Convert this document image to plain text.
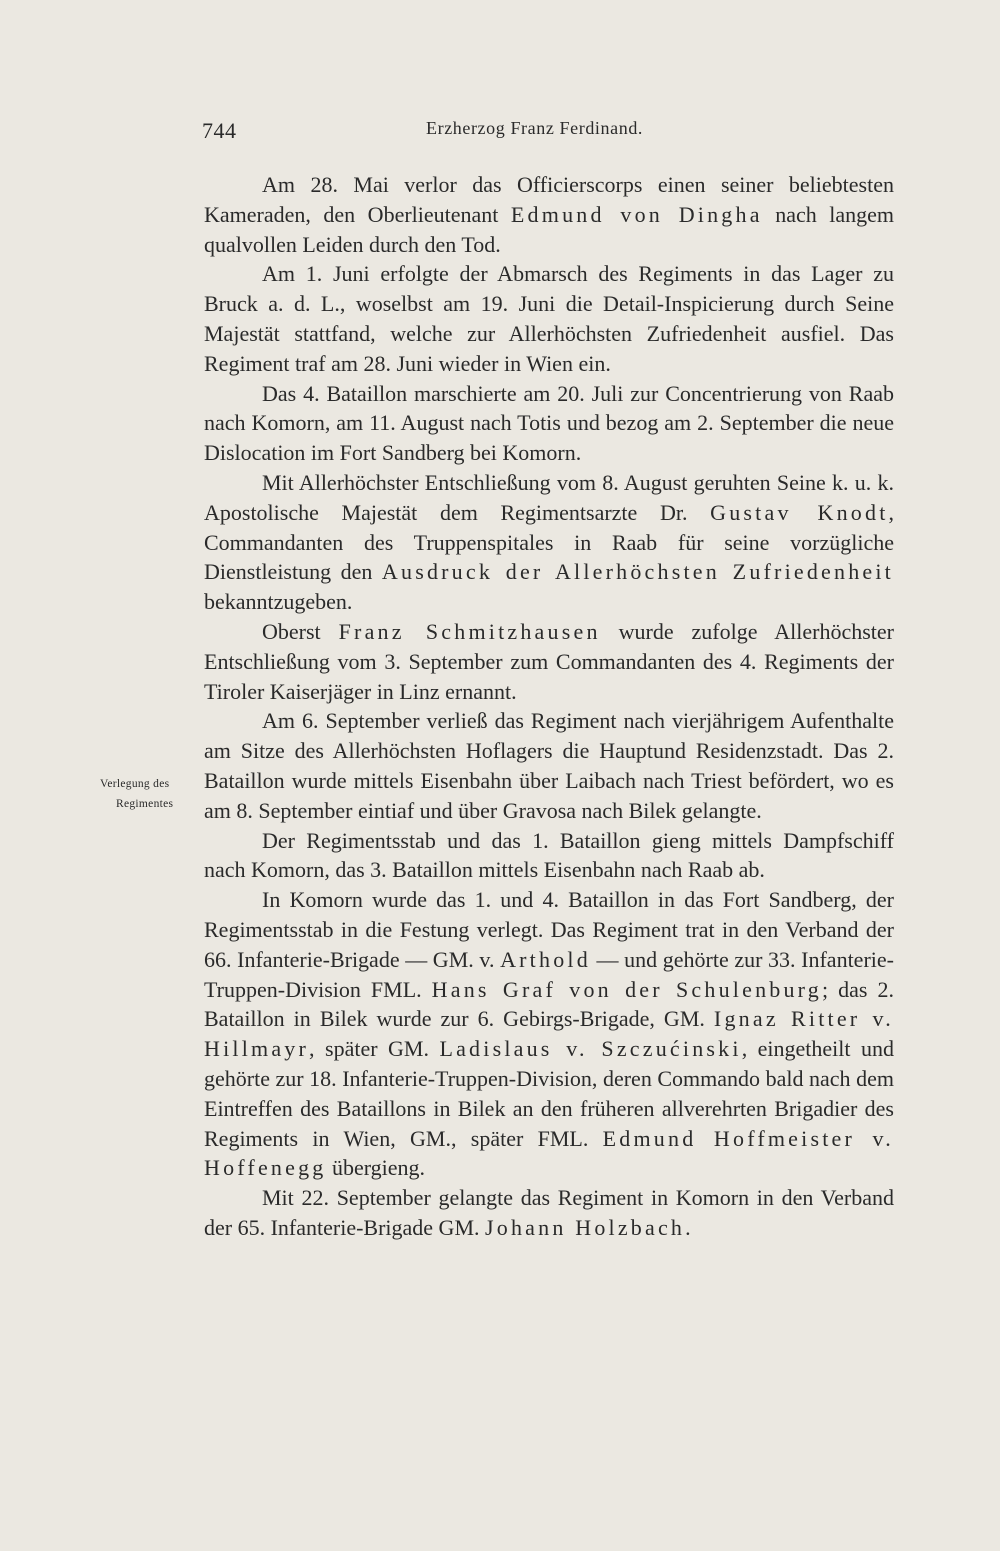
744	Erzherzog Franz Ferdinand.
Verlegung des
Regimentes

Am 28. Mai verlor das Officierscorps einen seiner beliebtesten Kameraden, den Oberlieutenant Edmund von Dingha nach langem qualvollen Leiden durch den Tod.

Am 1. Juni erfolgte der Abmarsch des Regiments in das Lager zu Bruck a. d. L., woselbst am 19. Juni die Detail-Inspicierung durch Seine Majestät stattfand, welche zur Allerhöchsten Zufriedenheit ausfiel. Das Regiment traf am 28. Juni wieder in Wien ein.

Das 4. Bataillon marschierte am 20. Juli zur Concentrierung von Raab nach Komorn, am 11. August nach Totis und bezog am 2. September die neue Dislocation im Fort Sandberg bei Komorn.

Mit Allerhöchster Entschließung vom 8. August geruhten Seine k. u. k. Apostolische Majestät dem Regimentsarzte Dr. Gustav Knodt, Commandanten des Truppenspitales in Raab für seine vorzügliche Dienstleistung den Ausdruck der Allerhöchsten Zufriedenheit bekanntzugeben.

Oberst Franz Schmitzhausen wurde zufolge Allerhöchster Entschließung vom 3. September zum Commandanten des 4. Regiments der Tiroler Kaiserjäger in Linz ernannt.

Am 6. September verließ das Regiment nach vierjährigem Aufenthalte am Sitze des Allerhöchsten Hoflagers die Hauptund Residenzstadt. Das 2. Bataillon wurde mittels Eisenbahn über Laibach nach Triest befördert, wo es am 8. September eintiaf und über Gravosa nach Bilek gelangte.

Der Regimentsstab und das 1. Bataillon gieng mittels Dampfschiff nach Komorn, das 3. Bataillon mittels Eisenbahn nach Raab ab.

In Komorn wurde das 1. und 4. Bataillon in das Fort Sandberg, der Regimentsstab in die Festung verlegt. Das Regiment trat in den Verband der 66. Infanterie-Brigade — GM. v. Arthold — und gehörte zur 33. Infanterie-Truppen-Division FML. Hans Graf von der Schulenburg; das 2. Bataillon in Bilek wurde zur 6. Gebirgs-Brigade, GM. Ignaz Ritter v. Hillmayr, später GM. Ladislaus v. Szczućinski, eingetheilt und gehörte zur 18. Infanterie-Truppen-Division, deren Commando bald nach dem Eintreffen des Bataillons in Bilek an den früheren allverehrten Brigadier des Regiments in Wien, GM., später FML. Edmund Hoffmeister v. Hoffenegg übergieng.

Mit 22. September gelangte das Regiment in Komorn in den Verband der 65. Infanterie-Brigade GM. Johann Holzbach.
